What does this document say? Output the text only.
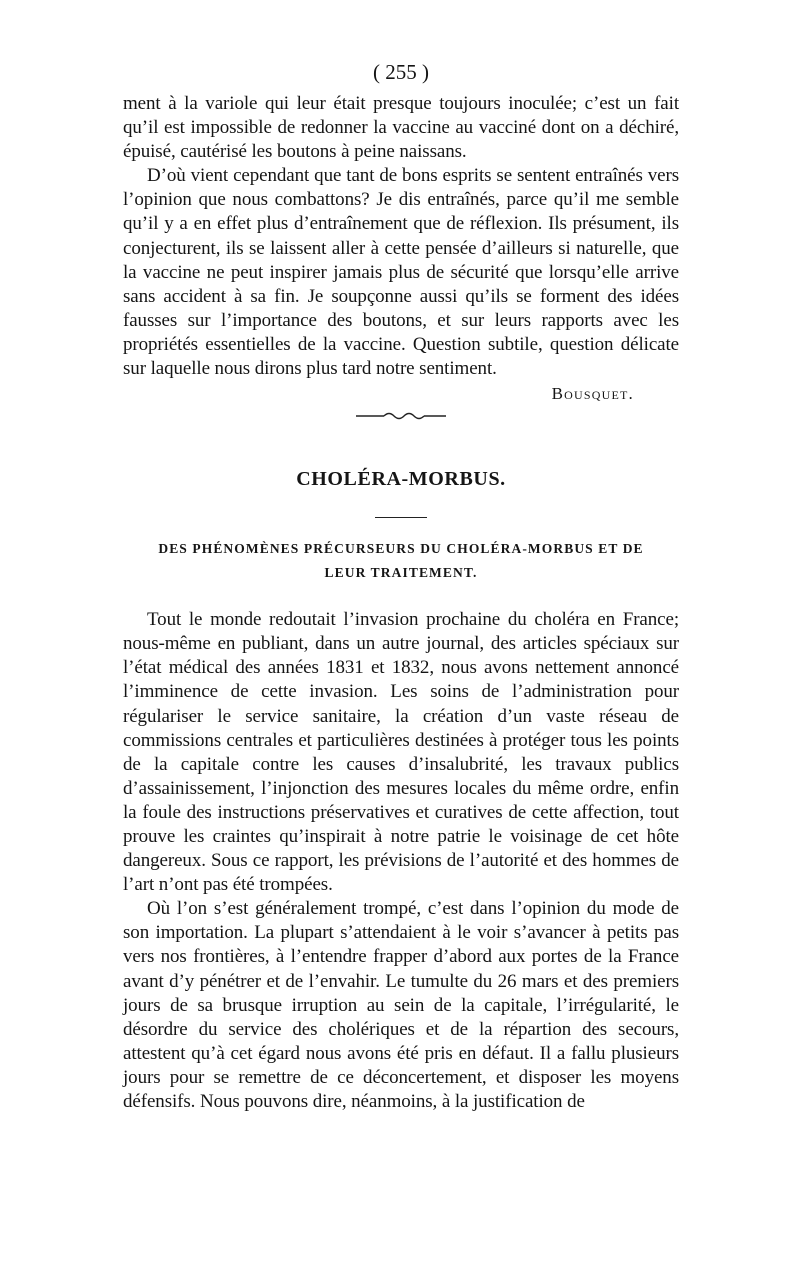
( 255 )

ment à la variole qui leur était presque toujours inoculée; c’est un fait qu’il est impossible de redonner la vaccine au vacciné dont on a déchiré, épuisé, cautérisé les boutons à peine naissans.

D’où vient cependant que tant de bons esprits se sentent entraînés vers l’opinion que nous combattons? Je dis entraînés, parce qu’il me semble qu’il y a en effet plus d’entraînement que de réflexion. Ils présument, ils conjecturent, ils se laissent aller à cette pensée d’ailleurs si naturelle, que la vaccine ne peut inspirer jamais plus de sécurité que lorsqu’elle arrive sans accident à sa fin. Je soupçonne aussi qu’ils se forment des idées fausses sur l’importance des boutons, et sur leurs rapports avec les propriétés essentielles de la vaccine. Question subtile, question délicate sur laquelle nous dirons plus tard notre sentiment.

Bousquet.

CHOLÉRA-MORBUS.
DES PHÉNOMÈNES PRÉCURSEURS DU CHOLÉRA-MORBUS ET DE
LEUR TRAITEMENT.

Tout le monde redoutait l’invasion prochaine du choléra en France; nous-même en publiant, dans un autre journal, des articles spéciaux sur l’état médical des années 1831 et 1832, nous avons nettement annoncé l’imminence de cette invasion. Les soins de l’administration pour régulariser le service sanitaire, la création d’un vaste réseau de commissions centrales et particulières destinées à protéger tous les points de la capitale contre les causes d’insalubrité, les travaux publics d’assainissement, l’injonction des mesures locales du même ordre, enfin la foule des instructions préservatives et curatives de cette affection, tout prouve les craintes qu’inspirait à notre patrie le voisinage de cet hôte dangereux. Sous ce rapport, les prévisions de l’autorité et des hommes de l’art n’ont pas été trompées.

Où l’on s’est généralement trompé, c’est dans l’opinion du mode de son importation. La plupart s’attendaient à le voir s’avancer à petits pas vers nos frontières, à l’entendre frapper d’abord aux portes de la France avant d’y pénétrer et de l’envahir. Le tumulte du 26 mars et des premiers jours de sa brusque irruption au sein de la capitale, l’irrégularité, le désordre du service des cholériques et de la répartion des secours, attestent qu’à cet égard nous avons été pris en défaut. Il a fallu plusieurs jours pour se remettre de ce déconcertement, et disposer les moyens défensifs. Nous pouvons dire, néanmoins, à la justification de
